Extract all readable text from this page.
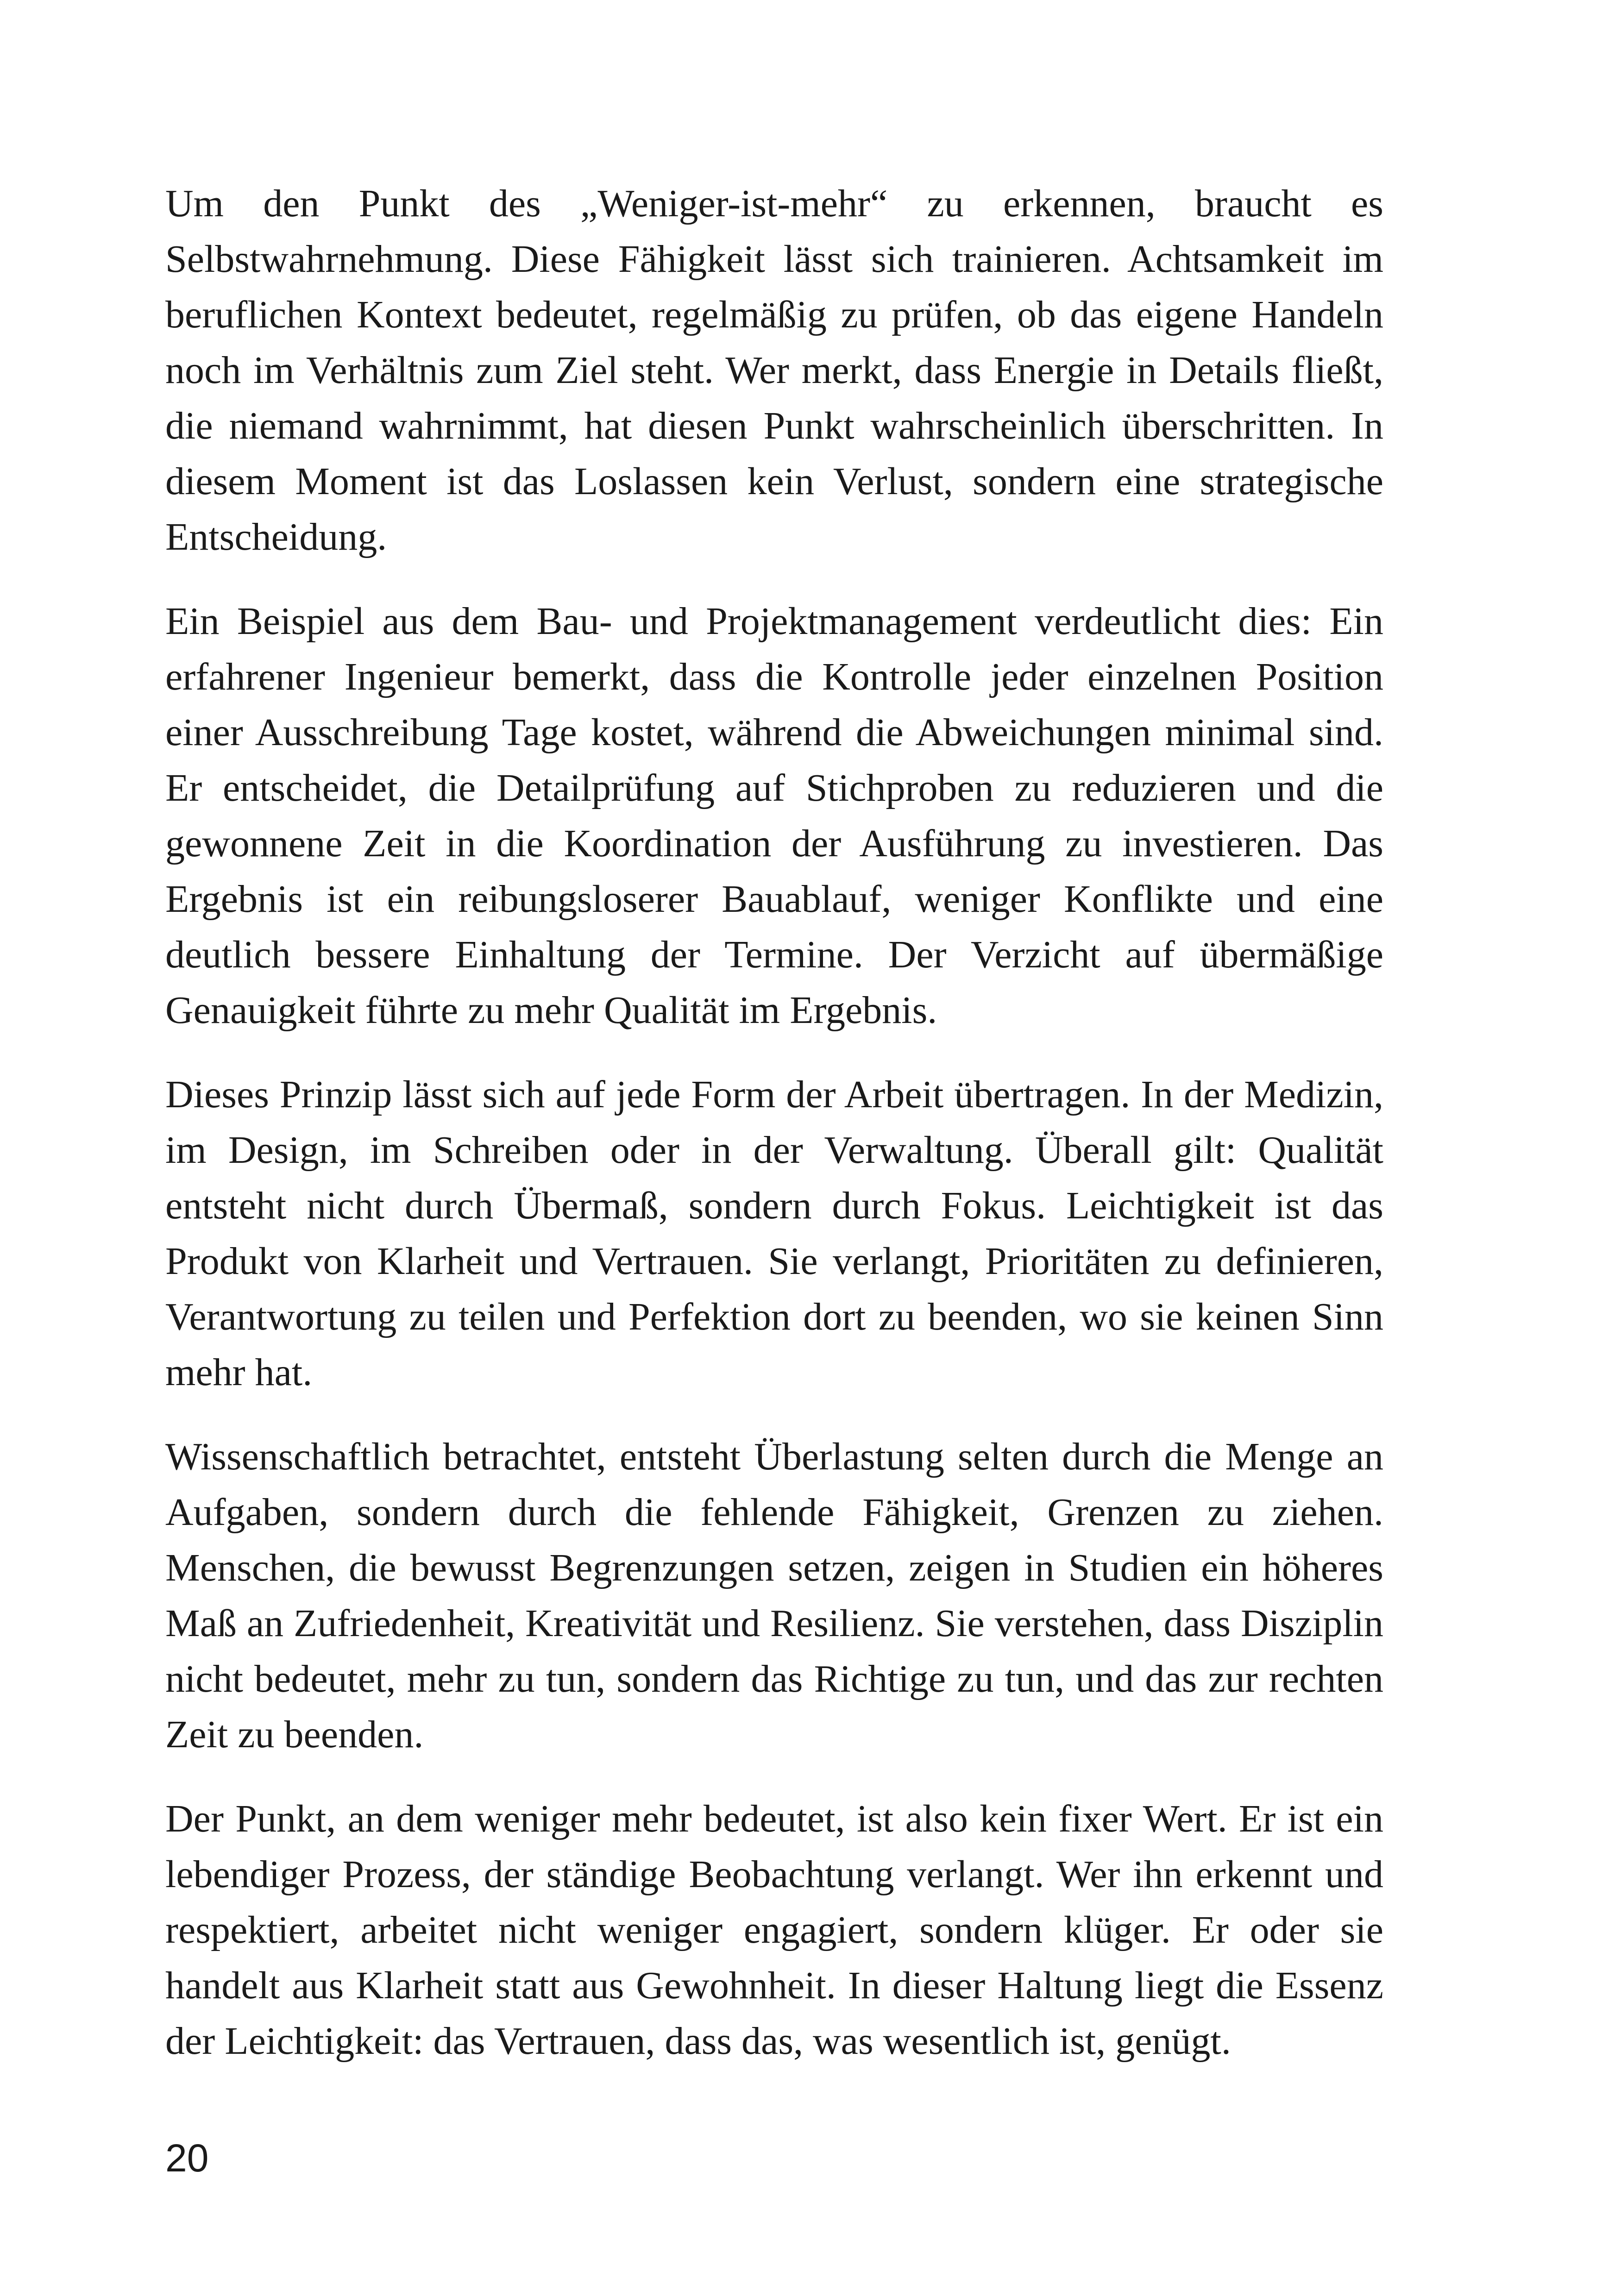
Um den Punkt des „Weniger-ist-mehr“ zu erkennen, braucht es Selbstwahrnehmung. Diese Fähigkeit lässt sich trainieren. Achtsamkeit im beruflichen Kontext bedeutet, regelmäßig zu prüfen, ob das eigene Handeln noch im Verhältnis zum Ziel steht. Wer merkt, dass Energie in Details fließt, die niemand wahrnimmt, hat diesen Punkt wahrscheinlich überschritten. In diesem Moment ist das Loslassen kein Verlust, sondern eine strategische Entscheidung.

Ein Beispiel aus dem Bau- und Projektmanagement verdeutlicht dies: Ein erfahrener Ingenieur bemerkt, dass die Kontrolle jeder einzelnen Position einer Ausschreibung Tage kostet, während die Abweichungen minimal sind. Er entscheidet, die Detailprüfung auf Stichproben zu reduzieren und die gewonnene Zeit in die Koordination der Ausführung zu investieren. Das Ergebnis ist ein reibungsloserer Bauablauf, weniger Konflikte und eine deutlich bessere Einhaltung der Termine. Der Verzicht auf übermäßige Genauigkeit führte zu mehr Qualität im Ergebnis.

Dieses Prinzip lässt sich auf jede Form der Arbeit übertragen. In der Medizin, im Design, im Schreiben oder in der Verwaltung. Überall gilt: Qualität entsteht nicht durch Übermaß, sondern durch Fokus. Leichtigkeit ist das Produkt von Klarheit und Vertrauen. Sie verlangt, Prioritäten zu definieren, Verantwortung zu teilen und Perfektion dort zu beenden, wo sie keinen Sinn mehr hat.

Wissenschaftlich betrachtet, entsteht Überlastung selten durch die Menge an Aufgaben, sondern durch die fehlende Fähigkeit, Grenzen zu ziehen. Menschen, die bewusst Begrenzungen setzen, zeigen in Studien ein höheres Maß an Zufriedenheit, Kreativität und Resilienz. Sie verstehen, dass Disziplin nicht bedeutet, mehr zu tun, sondern das Richtige zu tun, und das zur rechten Zeit zu beenden.

Der Punkt, an dem weniger mehr bedeutet, ist also kein fixer Wert. Er ist ein lebendiger Prozess, der ständige Beobachtung verlangt. Wer ihn erkennt und respektiert, arbeitet nicht weniger engagiert, sondern klüger. Er oder sie handelt aus Klarheit statt aus Gewohnheit. In dieser Haltung liegt die Essenz der Leichtigkeit: das Vertrauen, dass das, was wesentlich ist, genügt.

20
